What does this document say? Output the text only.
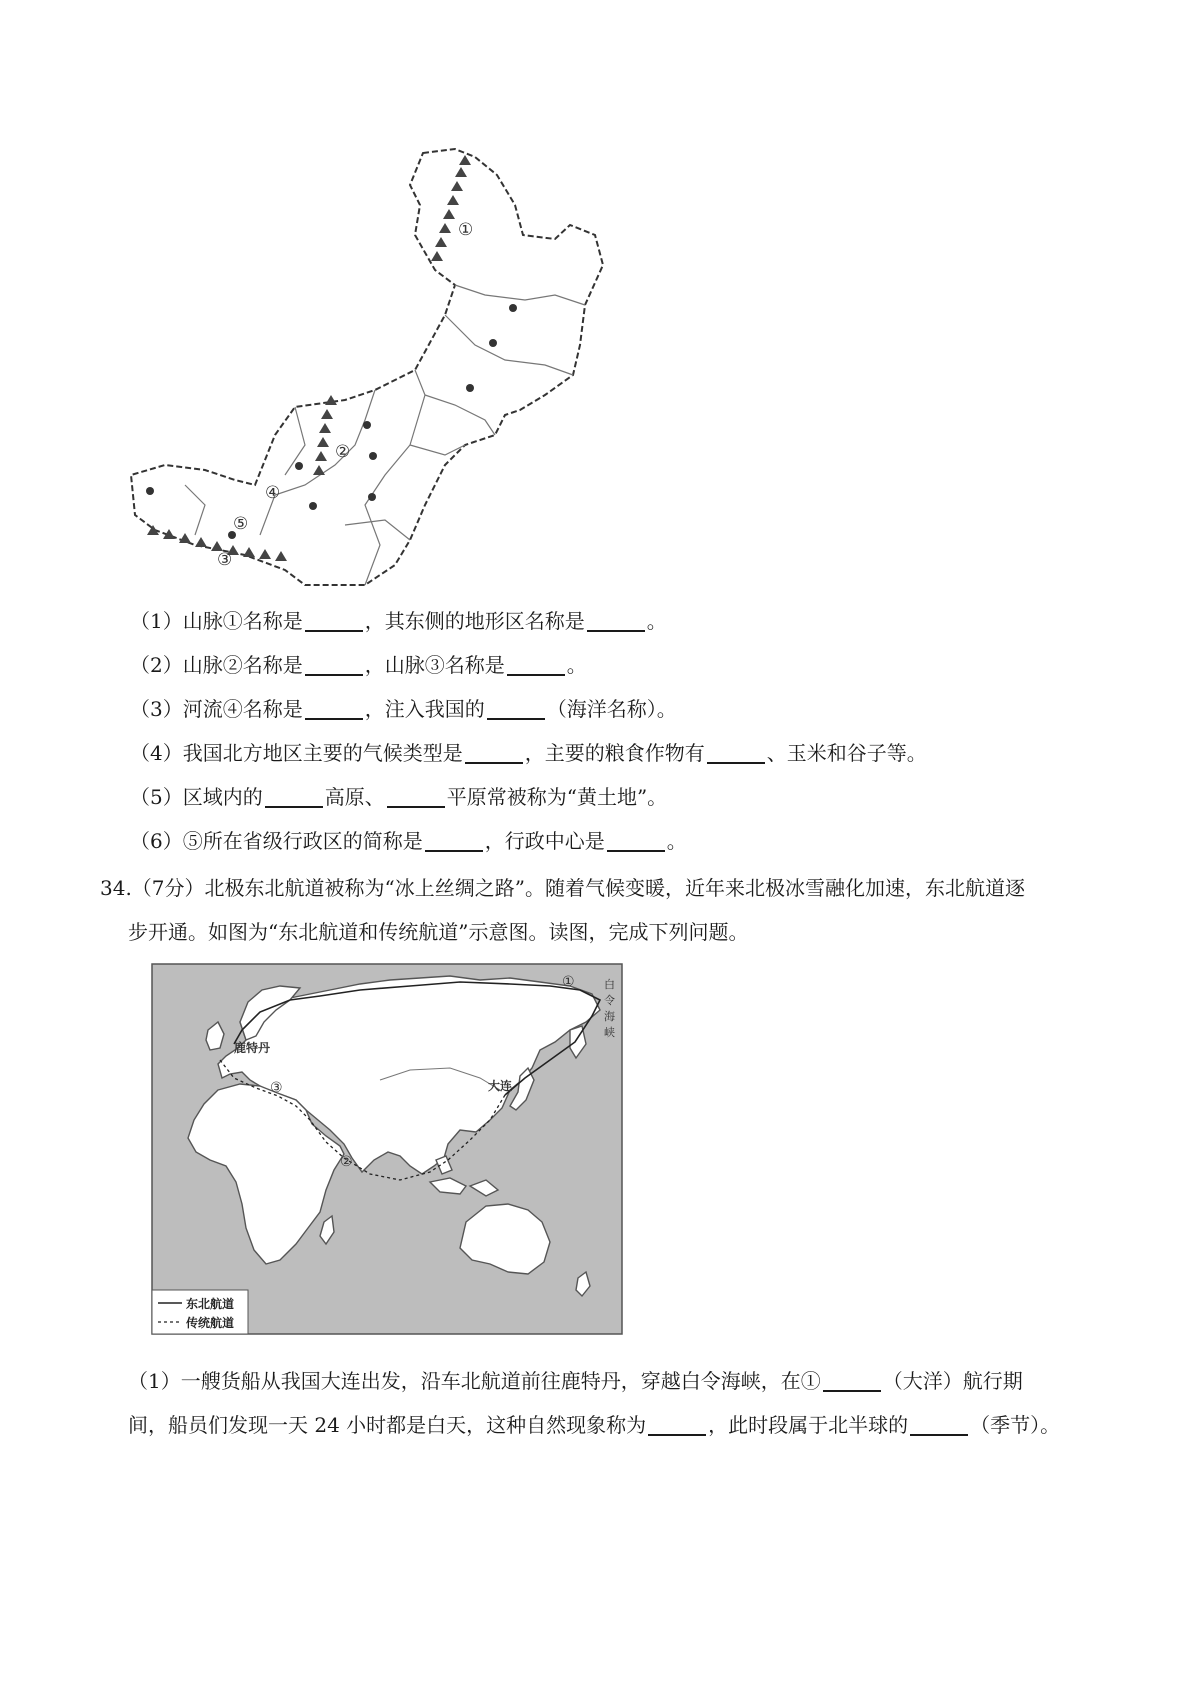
①
②
④
⑤
③
（1）山脉①名称是	，其东侧的地形区名称是	。
（2）山脉②名称是	，山脉③名称是	。
（3）河流④名称是	，注入我国的	（海洋名称）。
（4）我国北方地区主要的气候类型是	，主要的粮食作物有	、玉米和谷子等。
（5）区域内的	高原、	平原常被称为“黄土地”。
（6）⑤所在省级行政区的简称是	，行政中心是	。
34.（7分）北极东北航道被称为“冰上丝绸之路”。随着气候变暖，近年来北极冰雪融化加速，东北航道逐
步开通。如图为“东北航道和传统航道”示意图。读图，完成下列问题。
①
②
③
鹿特丹
大连
白
令
海
峡
东北航道
传统航道
（1）一艘货船从我国大连出发，沿车北航道前往鹿特丹，穿越白令海峡，在①	（大洋）航行期
间，船员们发现一天 24 小时都是白天，这种自然现象称为	，此时段属于北半球的	（季节）。
